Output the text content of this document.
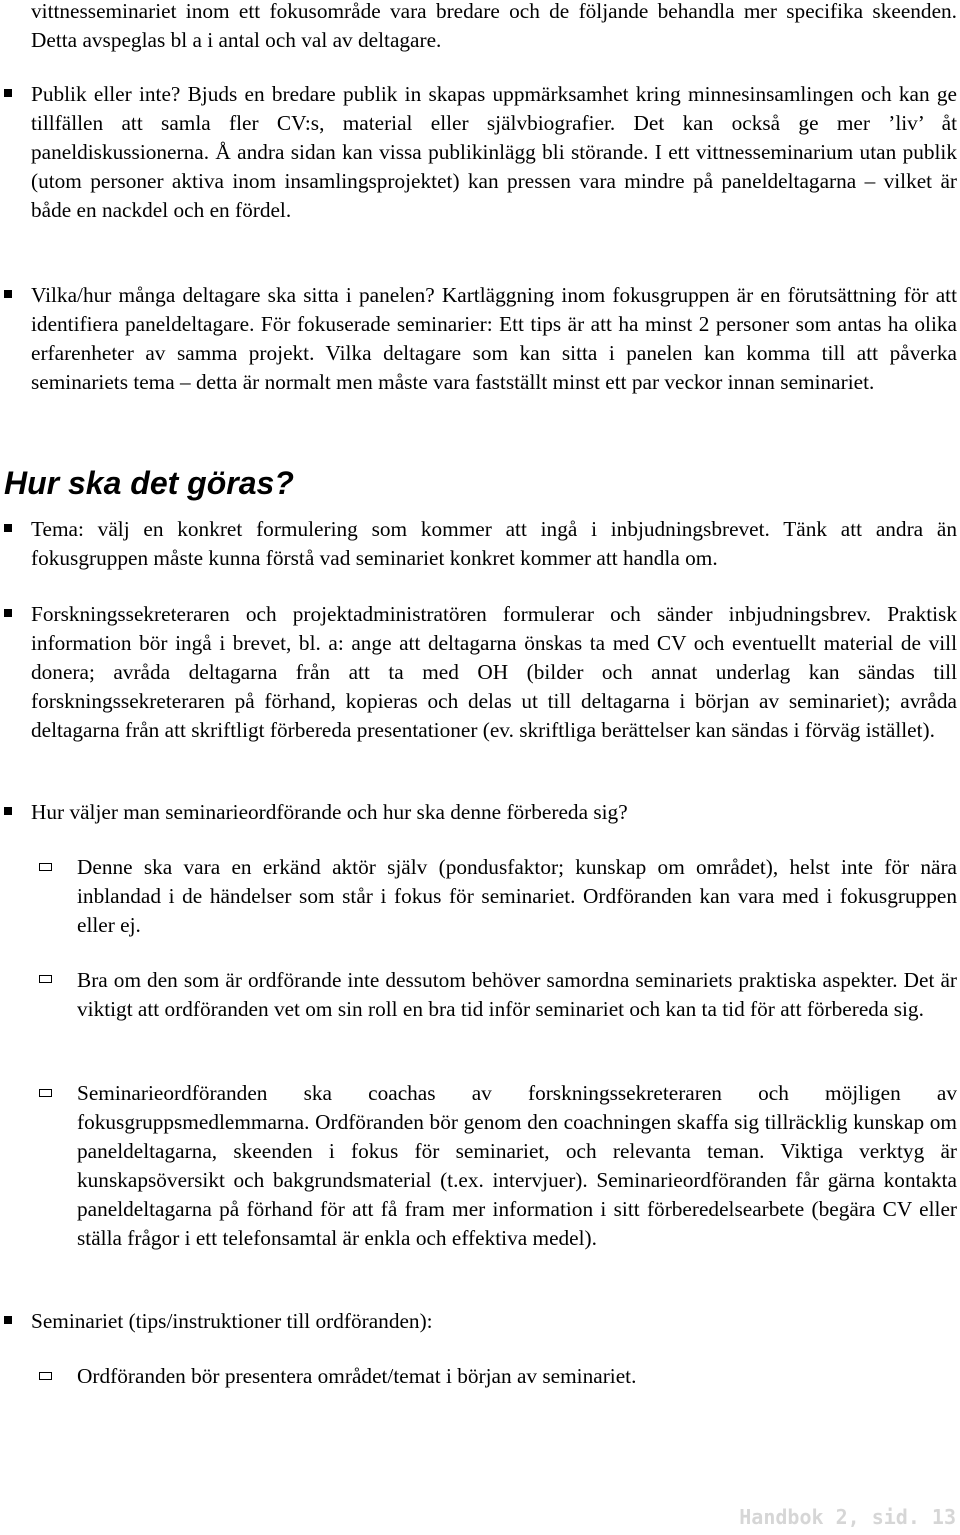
vittnesseminariet inom ett fokusområde vara bredare och de följande behandla mer specifika skeenden. Detta avspeglas bl a i antal och val av deltagare.

Publik eller inte? Bjuds en bredare publik in skapas uppmärksamhet kring minnesinsamlingen och kan ge tillfällen att samla fler CV:s, material eller självbiografier. Det kan också ge mer ’liv’ åt paneldiskussionerna. Å andra sidan kan vissa publikinlägg bli störande. I ett vittnesseminarium utan publik (utom personer aktiva inom insamlingsprojektet) kan pressen vara mindre på paneldeltagarna – vilket är både en nackdel och en fördel.

Vilka/hur många deltagare ska sitta i panelen? Kartläggning inom fokusgruppen är en förutsättning för att identifiera paneldeltagare. För fokuserade seminarier: Ett tips är att ha minst 2 personer som antas ha olika erfarenheter av samma projekt. Vilka deltagare som kan sitta i panelen kan komma till att påverka seminariets tema – detta är normalt men måste vara fastställt minst ett par veckor innan seminariet.

Hur ska det göras?

Tema: välj en konkret formulering som kommer att ingå i inbjudningsbrevet. Tänk att andra än fokusgruppen måste kunna förstå vad seminariet konkret kommer att handla om.

Forskningssekreteraren och projektadministratören formulerar och sänder inbjudningsbrev. Praktisk information bör ingå i brevet, bl. a: ange att deltagarna önskas ta med CV och eventuellt material de vill donera; avråda deltagarna från att ta med OH (bilder och annat underlag kan sändas till forskningssekreteraren på förhand, kopieras och delas ut till deltagarna i början av seminariet); avråda deltagarna från att skriftligt förbereda presentationer (ev. skriftliga berättelser kan sändas i förväg istället).

Hur väljer man seminarieordförande och hur ska denne förbereda sig?

Denne ska vara en erkänd aktör själv (pondusfaktor; kunskap om området), helst inte för nära inblandad i de händelser som står i fokus för seminariet. Ordföranden kan vara med i fokusgruppen eller ej.

Bra om den som är ordförande inte dessutom behöver samordna seminariets praktiska aspekter. Det är viktigt att ordföranden vet om sin roll en bra tid inför seminariet och kan ta tid för att förbereda sig.

Seminarieordföranden ska coachas av forskningssekreteraren och möjligen av fokusgruppsmedlemmarna. Ordföranden bör genom den coachningen skaffa sig tillräcklig kunskap om paneldeltagarna, skeenden i fokus för seminariet, och relevanta teman. Viktiga verktyg är kunskapsöversikt och bakgrundsmaterial (t.ex. intervjuer). Seminarieordföranden får gärna kontakta paneldeltagarna på förhand för att få fram mer information i sitt förberedelsearbete (begära CV eller ställa frågor i ett telefonsamtal är enkla och effektiva medel).

Seminariet (tips/instruktioner till ordföranden):

Ordföranden bör presentera området/temat i början av seminariet.

Handbok 2, sid. 13
